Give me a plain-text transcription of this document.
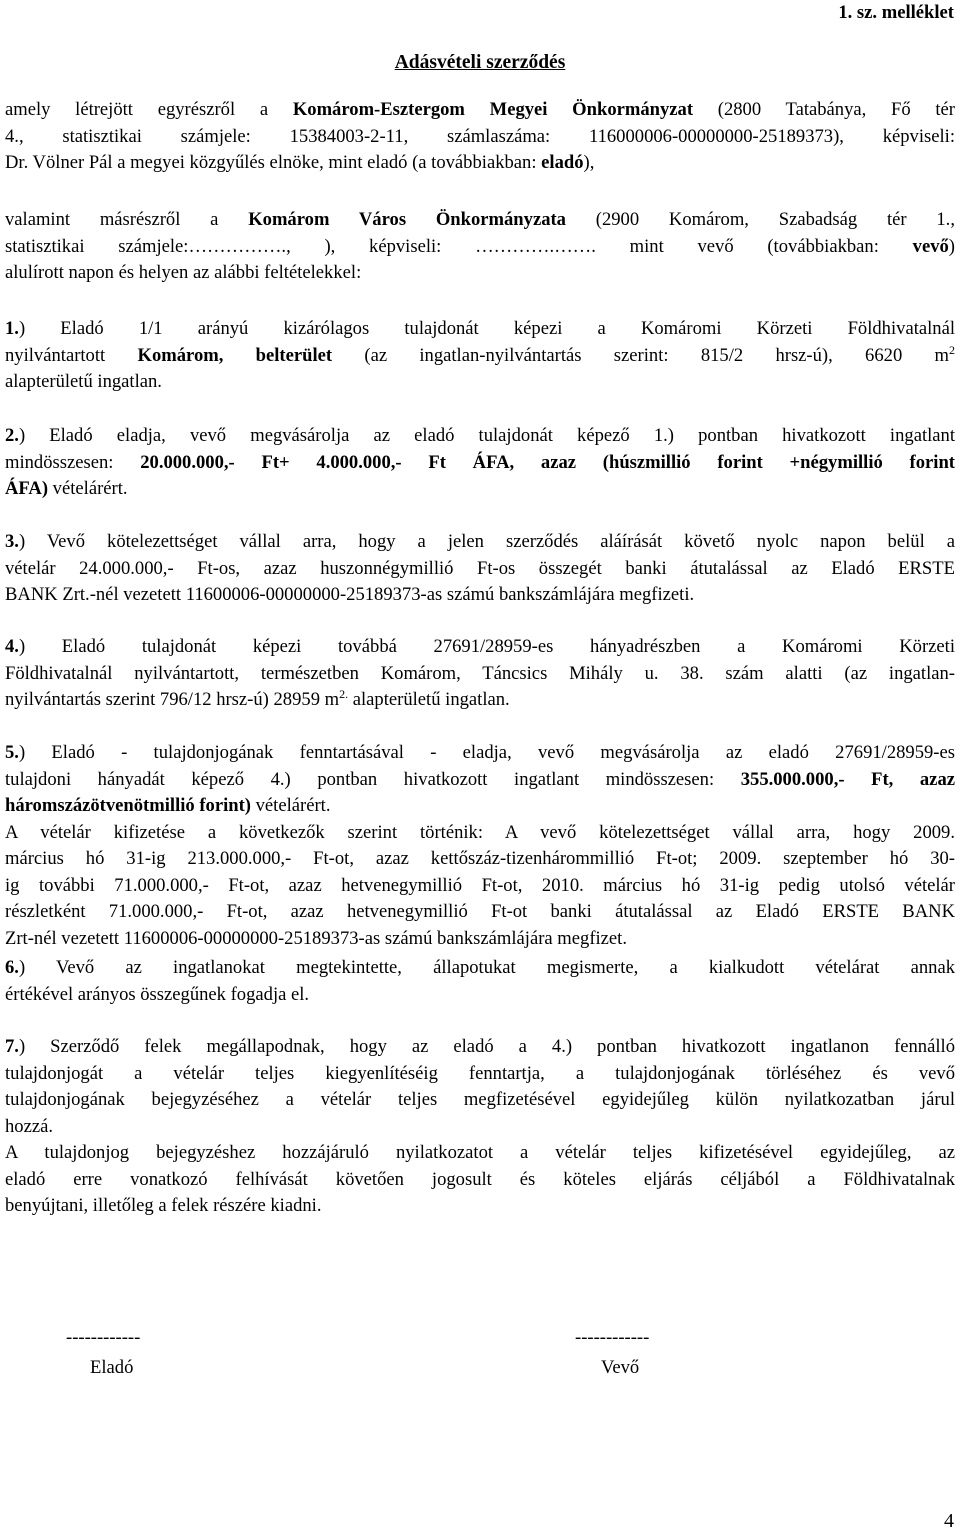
1. sz. melléklet
Adásvételi szerződés
amely létrejött egyrészről a Komárom-Esztergom Megyei Önkormányzat (2800 Tatabánya, Fő tér
4., statisztikai számjele: 15384003-2-11, számlaszáma: 116000006-00000000-25189373), képviseli:
Dr. Völner Pál a megyei közgyűlés elnöke, mint eladó (a továbbiakban: eladó),
valamint másrészről a Komárom Város Önkormányzata (2900 Komárom, Szabadság tér 1.,
statisztikai számjele:……………., ), képviseli: ………….……. mint vevő (továbbiakban: vevő)
alulírott napon és helyen az alábbi feltételekkel:
1.) Eladó 1/1 arányú kizárólagos tulajdonát képezi a Komáromi Körzeti Földhivatalnál
nyilvántartott Komárom, belterület (az ingatlan-nyilvántartás szerint: 815/2 hrsz-ú), 6620 $m^2$
alapterületű ingatlan.
2.) Eladó eladja, vevő megvásárolja az eladó tulajdonát képező 1.) pontban hivatkozott ingatlant
mindösszesen: 20.000.000,- Ft+ 4.000.000,- Ft ÁFA, azaz (húszmillió forint +négymillió forint
ÁFA) vételárért.
3.) Vevő kötelezettséget vállal arra, hogy a jelen szerződés aláírását követő nyolc napon belül a
vételár 24.000.000,- Ft-os, azaz huszonnégymillió Ft-os összegét banki átutalással az Eladó ERSTE
BANK Zrt.-nél vezetett 11600006-00000000-25189373-as számú bankszámlájára megfizeti.
4.) Eladó tulajdonát képezi továbbá 27691/28959-es hányadrészben a Komáromi Körzeti
Földhivatalnál nyilvántartott, természetben Komárom, Táncsics Mihály u. 38. szám alatti (az ingatlan-
nyilvántartás szerint 796/12 hrsz-ú) 28959 $m^{2.}$ alapterületű ingatlan.
5.) Eladó - tulajdonjogának fenntartásával - eladja, vevő megvásárolja az eladó 27691/28959-es
tulajdoni hányadát képező 4.) pontban hivatkozott ingatlant mindösszesen: 355.000.000,- Ft, azaz
háromszázötvenötmillió forint) vételárért.
A vételár kifizetése a következők szerint történik: A vevő kötelezettséget vállal arra, hogy 2009.
március hó 31-ig 213.000.000,- Ft-ot, azaz kettőszáz-tizenhárommillió Ft-ot; 2009. szeptember hó 30-
ig további 71.000.000,- Ft-ot, azaz hetvenegymillió Ft-ot, 2010. március hó 31-ig pedig utolsó vételár
részletként 71.000.000,- Ft-ot, azaz hetvenegymillió Ft-ot banki átutalással az Eladó ERSTE BANK
Zrt-nél vezetett 11600006-00000000-25189373-as számú bankszámlájára megfizet.
6.) Vevő az ingatlanokat megtekintette, állapotukat megismerte, a kialkudott vételárat annak
értékével arányos összegűnek fogadja el.
7.) Szerződő felek megállapodnak, hogy az eladó a 4.) pontban hivatkozott ingatlanon fennálló
tulajdonjogát a vételár teljes kiegyenlítéséig fenntartja, a tulajdonjogának törléséhez és vevő
tulajdonjogának bejegyzéséhez a vételár teljes megfizetésével egyidejűleg külön nyilatkozatban járul
hozzá.
A tulajdonjog bejegyzéshez hozzájáruló nyilatkozatot a vételár teljes kifizetésével egyidejűleg, az
eladó erre vonatkozó felhívását követően jogosult és köteles eljárás céljából a Földhivatalnak
benyújtani, illetőleg a felek részére kiadni.
------------
Eladó
------------
Vevő
4
